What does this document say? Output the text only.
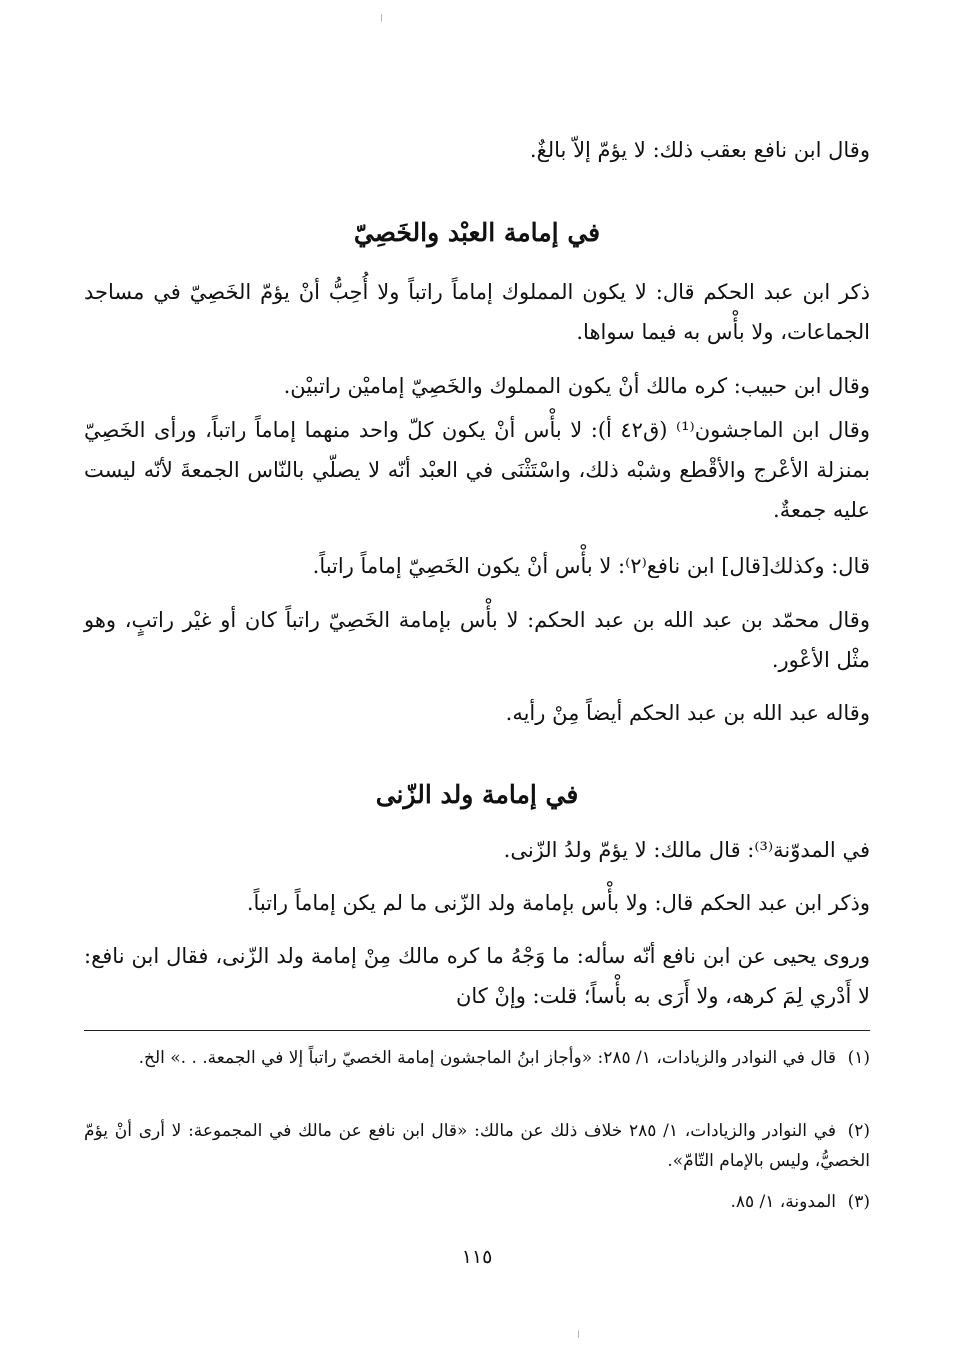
وقال ابن نافع بعقب ذلك: لا يؤمّ إلاّ بالغٌ.
في إمامة العبْد والخَصِيّ
ذكر ابن عبد الحكم قال: لا يكون المملوك إماماً راتباً ولا أُحِبُّ أنْ يؤمّ الخَصِيّ في مساجد الجماعات، ولا بأْس به فيما سواها.
وقال ابن حبيب: كره مالك أنْ يكون المملوك والخَصِيّ إماميْن راتبيْن.
وقال ابن الماجشون⁽¹⁾ (ق٤٢ أ): لا بأْس أنْ يكون كلّ واحد منهما إماماً راتباً، ورأى الخَصِيّ بمنزلة الأعْرج والأقْطع وشبْه ذلك، واسْتَثْنَى في العبْد أنّه لا يصلّي بالنّاس الجمعةَ لأنّه ليست عليه جمعةٌ.
قال: وكذلك[قال] ابن نافع⁽٢⁾: لا بأْس أنْ يكون الخَصِيّ إماماً راتباً.
وقال محمّد بن عبد الله بن عبد الحكم: لا بأْس بإمامة الخَصِيّ راتباً كان أو غيْر راتبٍ، وهو مثْل الأعْور.
وقاله عبد الله بن عبد الحكم أيضاً مِنْ رأيه.
في إمامة ولد الزّنى
في المدوّنة⁽³⁾: قال مالك: لا يؤمّ ولدُ الزّنى.
وذكر ابن عبد الحكم قال: ولا بأْس بإمامة ولد الزّنى ما لم يكن إماماً راتباً.
وروى يحيى عن ابن نافع أنّه سأله: ما وَجْهُ ما كره مالك مِنْ إمامة ولد الزّنى، فقال ابن نافع: لا أَدْري لِمَ كرهه، ولا أَرَى به بأْساً؛ قلت: وإنْ كان
(١)قال في النوادر والزيادات، ١/ ٢٨٥: «وأجاز ابنُ الماجشون إمامة الخصيّ راتباً إلا في الجمعة. . .» الخ.
(٢)في النوادر والزيادات، ١/ ٢٨٥ خلاف ذلك عن مالك: «قال ابن نافع عن مالك في المجموعة: لا أرى أنْ يؤمّ الخصيُّ، وليس بالإمام التّامّ».
(٣)المدونة، ١/ ٨٥.
١١٥
